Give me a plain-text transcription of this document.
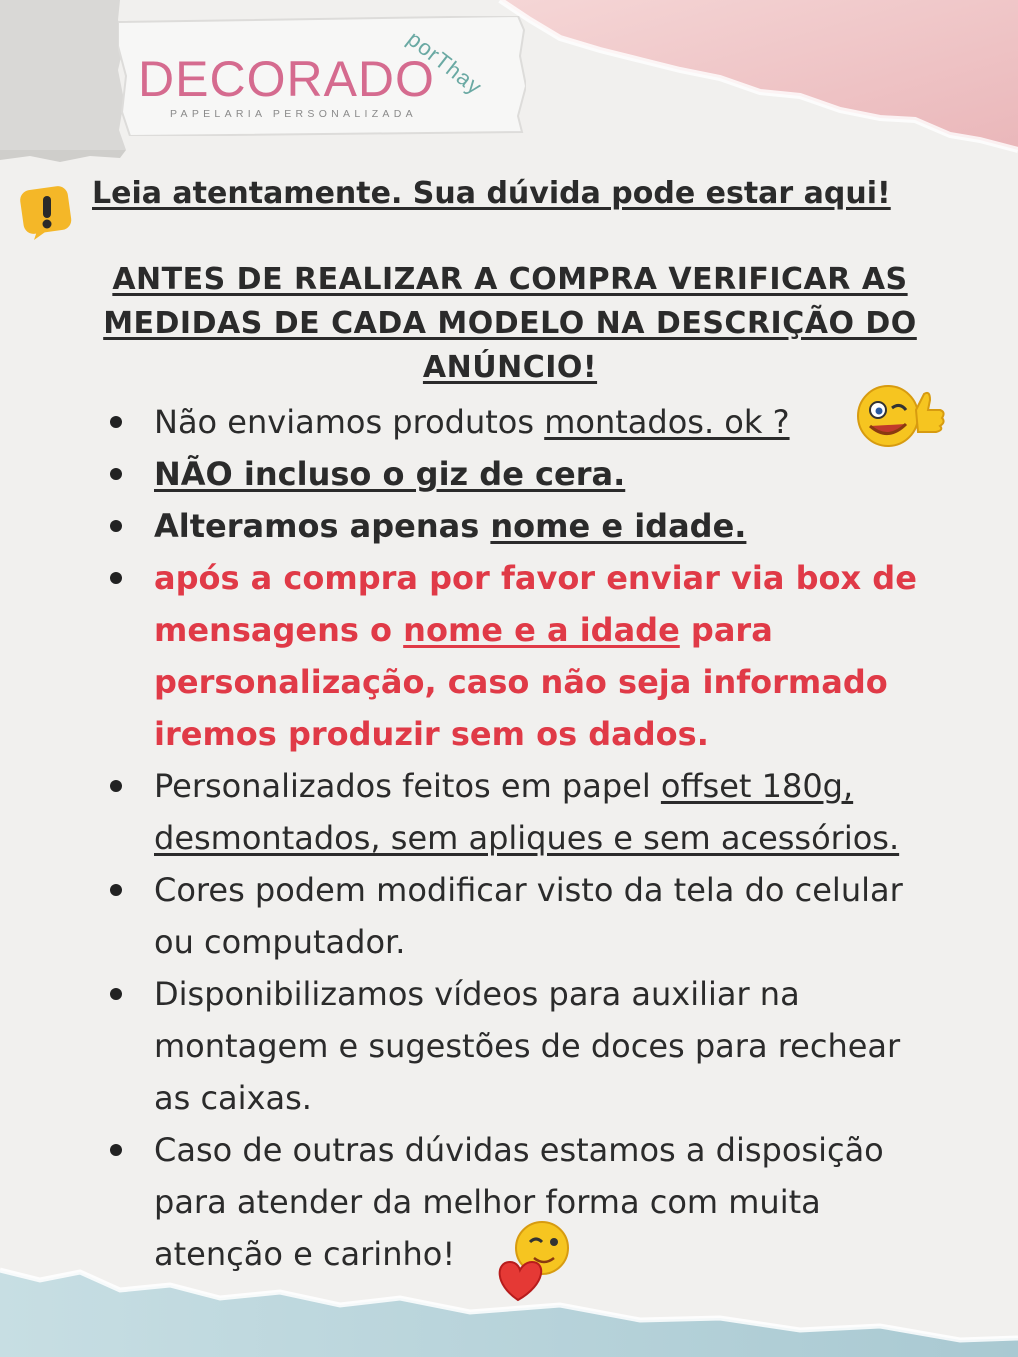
DECORADO
porThay
PAPELARIA PERSONALIZADA
Leia atentamente. Sua dúvida pode estar aqui!
ANTES DE REALIZAR A COMPRA VERIFICAR AS
MEDIDAS DE CADA MODELO NA DESCRIÇÃO DO
ANÚNCIO!
Não enviamos produtos montados. ok ?
NÃO incluso o giz de cera.
Alteramos apenas nome e idade.
após a compra por favor enviar via box de
mensagens o nome e a idade para
personalização, caso não seja informado
iremos produzir sem os dados.
Personalizados feitos em papel offset 180g,
desmontados, sem apliques e sem acessórios.
Cores podem modificar visto da tela do celular
ou computador.
Disponibilizamos vídeos para auxiliar na
montagem e sugestões de doces para rechear
as caixas.
Caso de outras dúvidas estamos a disposição
para atender da melhor forma com muita
atenção e carinho!
